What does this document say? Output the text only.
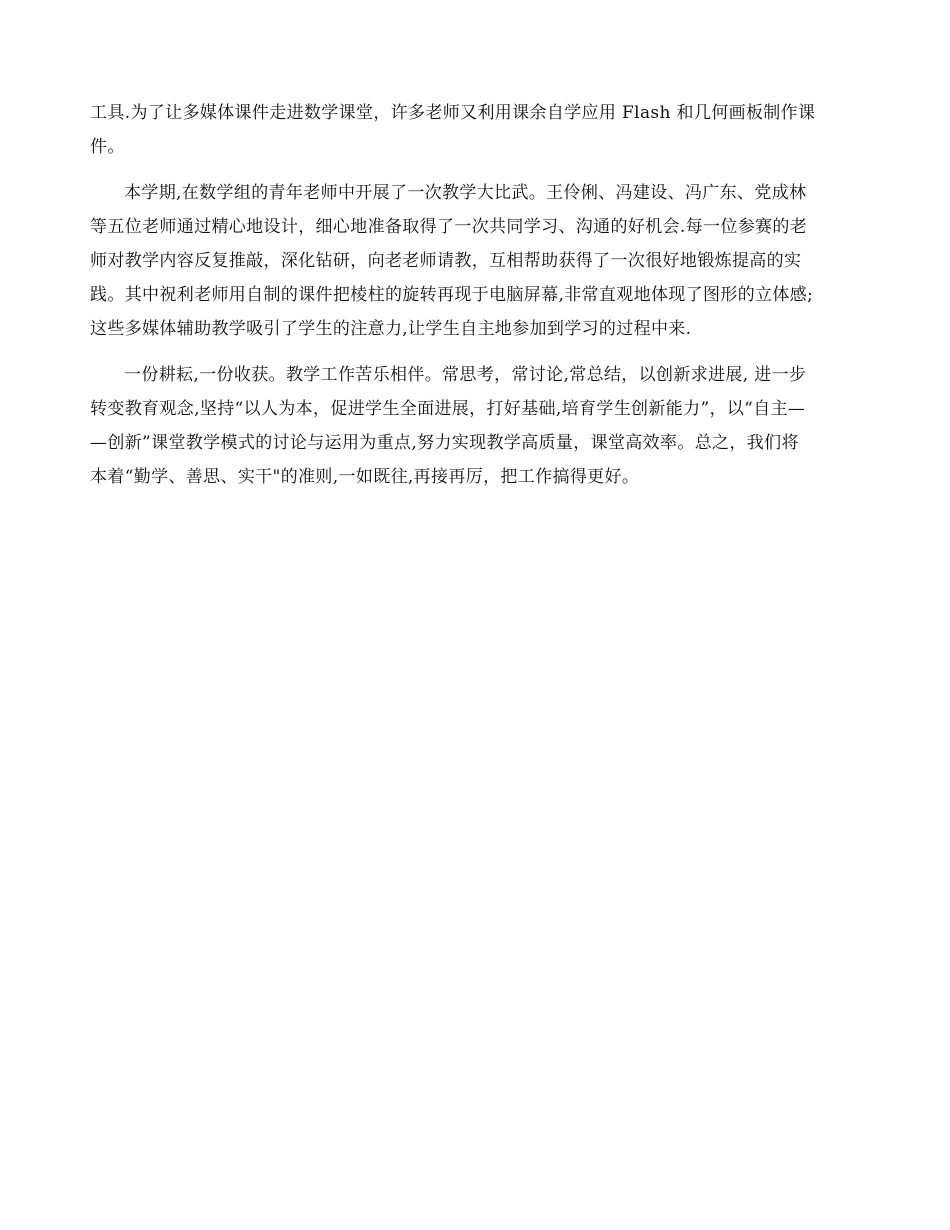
工具.为了让多媒体课件走进数学课堂，许多老师又利用课余自学应用 Flash 和几何画板制作课
件。
本学期,在数学组的青年老师中开展了一次教学大比武。王伶俐、冯建设、冯广东、党成林
等五位老师通过精心地设计，细心地准备取得了一次共同学习、沟通的好机会.每一位参赛的老
师对教学内容反复推敲，深化钻研，向老老师请教，互相帮助获得了一次很好地锻炼提高的实
践。其中祝利老师用自制的课件把棱柱的旋转再现于电脑屏幕,非常直观地体现了图形的立体感;
这些多媒体辅助教学吸引了学生的注意力,让学生自主地参加到学习的过程中来.
一份耕耘,一份收获。教学工作苦乐相伴。常思考，常讨论,常总结，以创新求进展, 进一步
转变教育观念,坚持“以人为本，促进学生全面进展，打好基础,培育学生创新能力”，以“自主—
—创新”课堂教学模式的讨论与运用为重点,努力实现教学高质量，课堂高效率。总之，我们将
本着“勤学、善思、实干"的准则,一如既往,再接再厉，把工作搞得更好。
